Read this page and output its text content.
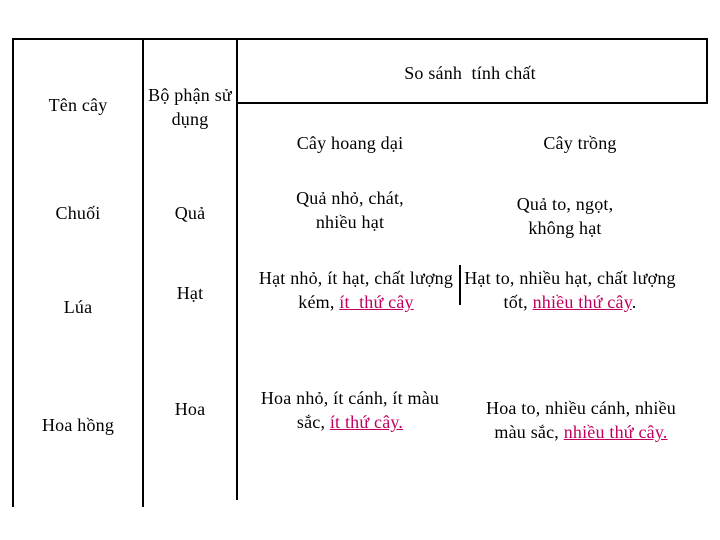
Tên cây Bộ phận sử dụng
So sánh  tính chất
Cây hoang dại	Cây trồng
Chuối	Quả
Quả nhỏ, chát, nhiều hạt
Quả to, ngọt, không hạt
Lúa
Hạt
Hạt nhỏ, ít hạt, chất lượng kém, ít  thứ cây
Hạt to, nhiều hạt, chất lượng tốt, nhiều thứ cây.
Hoa hồng
Hoa
Hoa nhỏ, ít cánh, ít màu sắc, ít thứ cây.
Hoa to, nhiều cánh, nhiều màu sắc, nhiều thứ cây.
